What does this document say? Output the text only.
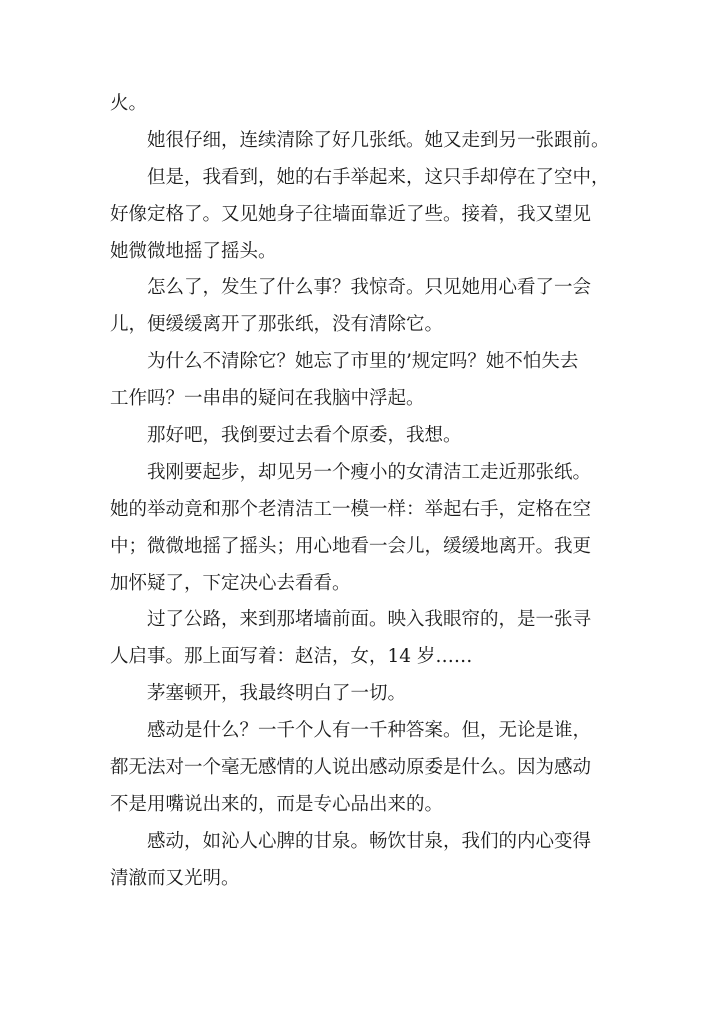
火。
她很仔细，连续清除了好几张纸。她又走到另一张跟前。
但是，我看到，她的右手举起来，这只手却停在了空中，
好像定格了。又见她身子往墙面靠近了些。接着，我又望见
她微微地摇了摇头。
怎么了，发生了什么事？我惊奇。只见她用心看了一会
儿，便缓缓离开了那张纸，没有清除它。
为什么不清除它？她忘了市里的’规定吗？她不怕失去
工作吗？一串串的疑问在我脑中浮起。
那好吧，我倒要过去看个原委，我想。
我刚要起步，却见另一个瘦小的女清洁工走近那张纸。
她的举动竟和那个老清洁工一模一样：举起右手，定格在空
中；微微地摇了摇头；用心地看一会儿，缓缓地离开。我更
加怀疑了，下定决心去看看。
过了公路，来到那堵墙前面。映入我眼帘的，是一张寻
人启事。那上面写着：赵洁，女，14 岁……
茅塞顿开，我最终明白了一切。
感动是什么？一千个人有一千种答案。但，无论是谁，
都无法对一个毫无感情的人说出感动原委是什么。因为感动
不是用嘴说出来的，而是专心品出来的。
感动，如沁人心脾的甘泉。畅饮甘泉，我们的内心变得
清澈而又光明。
